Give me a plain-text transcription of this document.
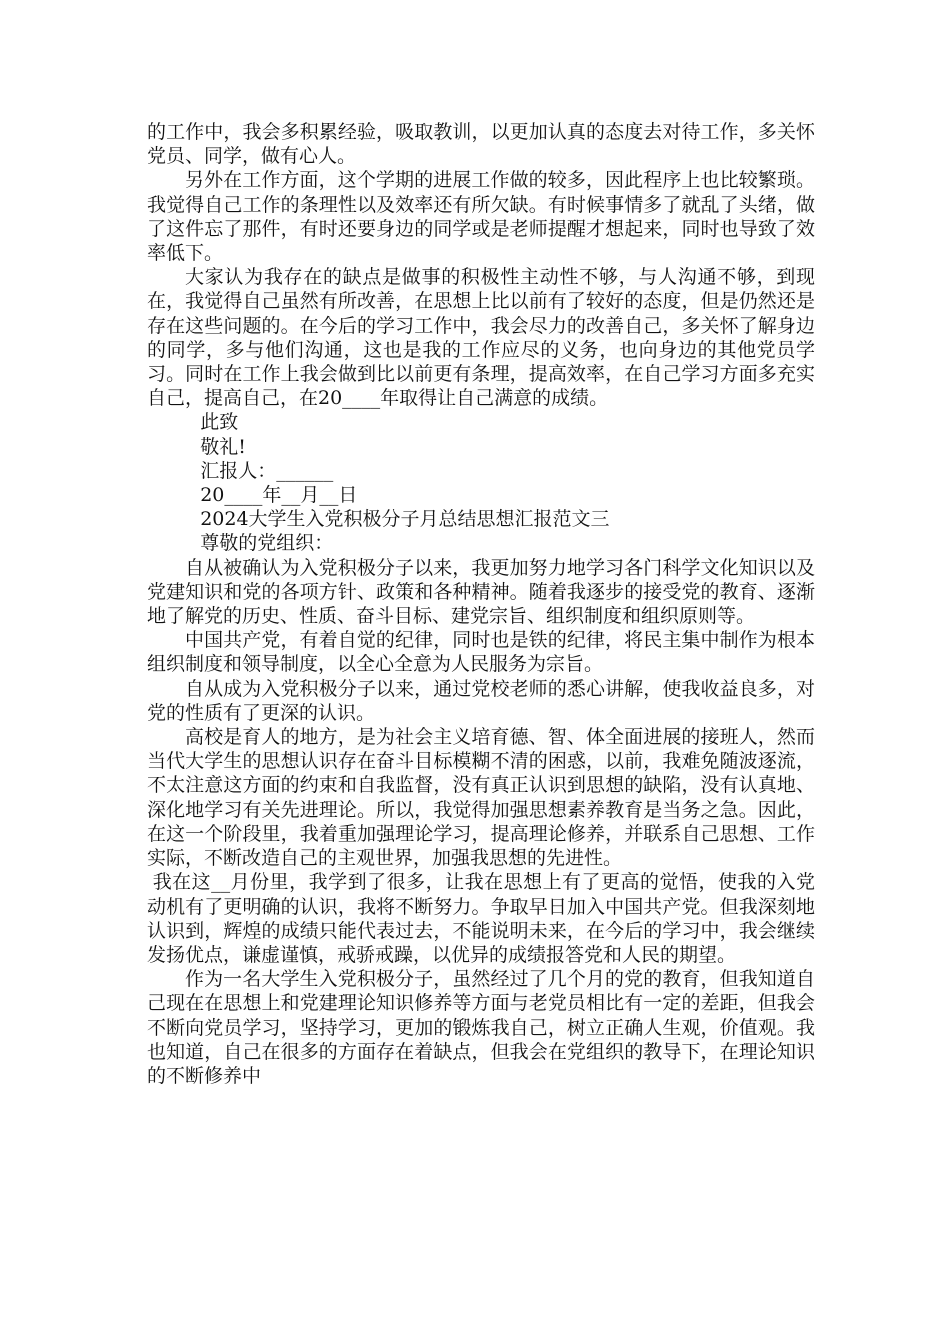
的工作中，我会多积累经验，吸取教训，以更加认真的态度去对待工作，多关怀党员、同学，做有心人。

另外在工作方面，这个学期的进展工作做的较多，因此程序上也比较繁琐。我觉得自己工作的条理性以及效率还有所欠缺。有时候事情多了就乱了头绪，做了这件忘了那件，有时还要身边的同学或是老师提醒才想起来，同时也导致了效率低下。

大家认为我存在的缺点是做事的积极性主动性不够，与人沟通不够，到现在，我觉得自己虽然有所改善，在思想上比以前有了较好的态度，但是仍然还是存在这些问题的。在今后的学习工作中，我会尽力的改善自己，多关怀了解身边的同学，多与他们沟通，这也是我的工作应尽的义务，也向身边的其他党员学习。同时在工作上我会做到比以前更有条理，提高效率，在自己学习方面多充实自己，提高自己，在20____年取得让自己满意的成绩。

此致

敬礼!

汇报人：______

20____年__月__日

2024大学生入党积极分子月总结思想汇报范文三

尊敬的党组织：

自从被确认为入党积极分子以来，我更加努力地学习各门科学文化知识以及党建知识和党的各项方针、政策和各种精神。随着我逐步的接受党的教育、逐渐地了解党的历史、性质、奋斗目标、建党宗旨、组织制度和组织原则等。

中国共产党，有着自觉的纪律，同时也是铁的纪律，将民主集中制作为根本组织制度和领导制度，以全心全意为人民服务为宗旨。

自从成为入党积极分子以来，通过党校老师的悉心讲解，使我收益良多，对党的性质有了更深的认识。

高校是育人的地方，是为社会主义培育德、智、体全面进展的接班人，然而当代大学生的思想认识存在奋斗目标模糊不清的困惑，以前，我难免随波逐流，不太注意这方面的约束和自我监督，没有真正认识到思想的缺陷，没有认真地、深化地学习有关先进理论。所以，我觉得加强思想素养教育是当务之急。因此，在这一个阶段里，我着重加强理论学习，提高理论修养，并联系自己思想、工作实际，不断改造自己的主观世界，加强我思想的先进性。

我在这__月份里，我学到了很多，让我在思想上有了更高的觉悟，使我的入党动机有了更明确的认识，我将不断努力。争取早日加入中国共产党。但我深刻地认识到，辉煌的成绩只能代表过去，不能说明未来，在今后的学习中，我会继续发扬优点，谦虚谨慎，戒骄戒躁，以优异的成绩报答党和人民的期望。

作为一名大学生入党积极分子，虽然经过了几个月的党的教育，但我知道自己现在在思想上和党建理论知识修养等方面与老党员相比有一定的差距，但我会不断向党员学习，坚持学习，更加的锻炼我自己，树立正确人生观，价值观。我也知道，自己在很多的方面存在着缺点，但我会在党组织的教导下，在理论知识的不断修养中
